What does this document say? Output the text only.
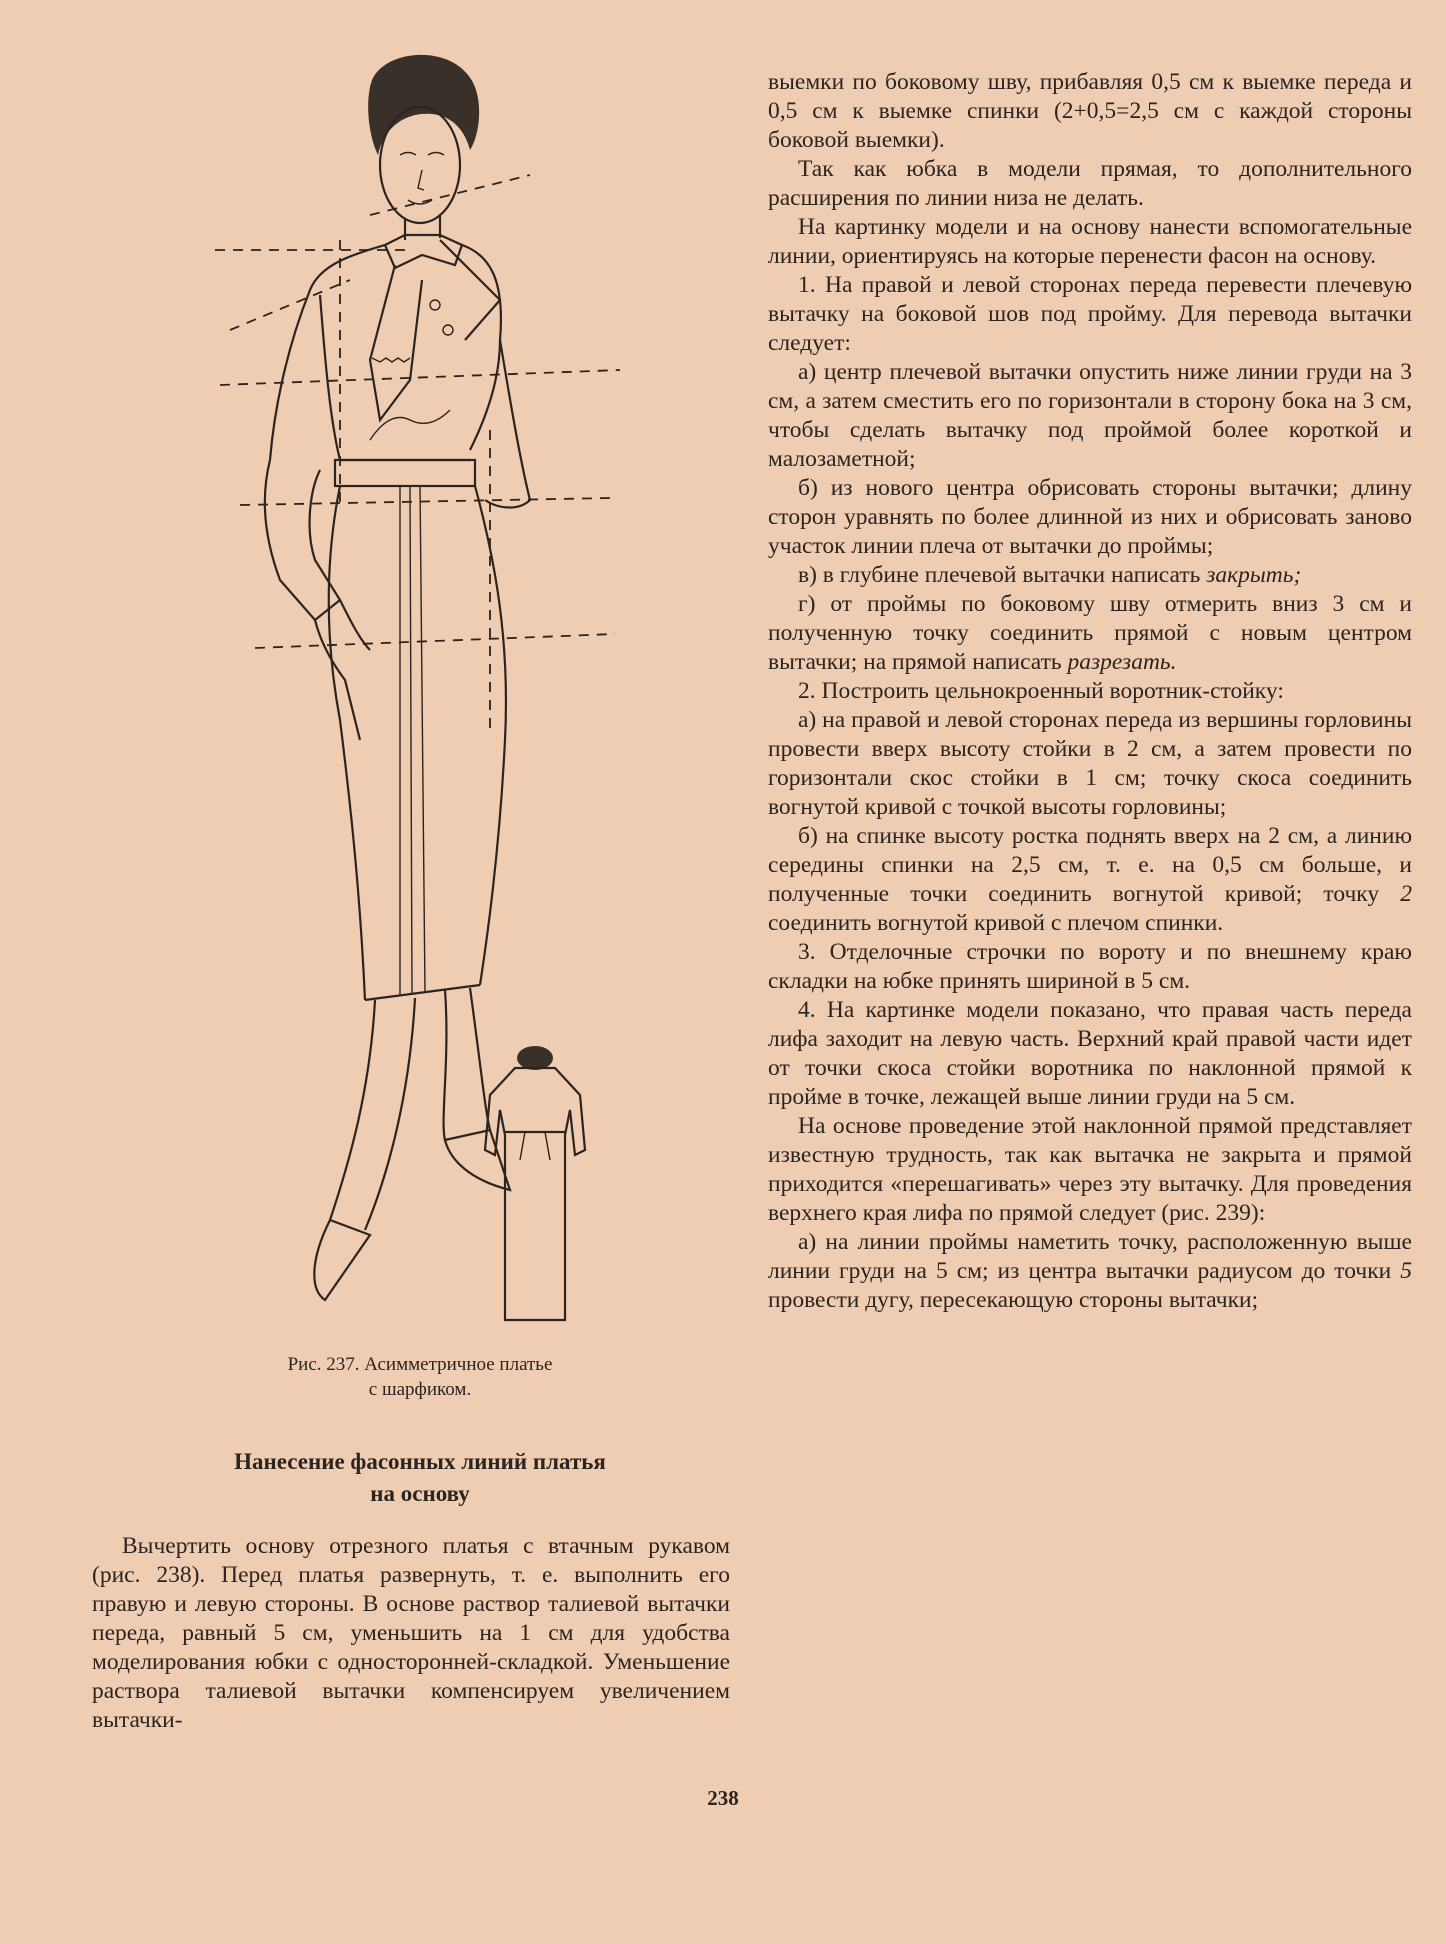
Рис. 237. Асимметричное платье
с шарфиком.
Нанесение фасонных линий платья
на основу

Вычертить основу отрезного платья с втачным рукавом (рис. 238). Перед платья развернуть, т. е. выполнить его правую и левую стороны. В основе раствор талиевой вытачки переда, равный 5 см, уменьшить на 1 см для удобства моделирования юбки с односторонней-складкой. Уменьшение раствора талиевой вытачки компенсируем увеличением вытачки-

выемки по боковому шву, прибавляя 0,5 см к выемке переда и 0,5 см к выемке спинки (2+0,5=2,5 см с каждой стороны боковой выемки).

Так как юбка в модели прямая, то дополнительного расширения по линии низа не делать.

На картинку модели и на основу нанести вспомогательные линии, ориентируясь на которые перенести фасон на основу.

1. На правой и левой сторонах переда перевести плечевую вытачку на боковой шов под пройму. Для перевода вытачки следует:

а) центр плечевой вытачки опустить ниже линии груди на 3 см, а затем сместить его по горизонтали в сторону бока на 3 см, чтобы сделать вытачку под проймой более короткой и малозаметной;

б) из нового центра обрисовать стороны вытачки; длину сторон уравнять по более длинной из них и обрисовать заново участок линии плеча от вытачки до проймы;

в) в глубине плечевой вытачки написать закрыть;

г) от проймы по боковому шву отмерить вниз 3 см и полученную точку соединить прямой с новым центром вытачки; на прямой написать разрезать.

2. Построить цельнокроенный воротник-стойку:

а) на правой и левой сторонах переда из вершины горловины провести вверх высоту стойки в 2 см, а затем провести по горизонтали скос стойки в 1 см; точку скоса соединить вогнутой кривой с точкой высоты горловины;

б) на спинке высоту ростка поднять вверх на 2 см, а линию середины спинки на 2,5 см, т. е. на 0,5 см больше, и полученные точки соединить вогнутой кривой; точку 2 соединить вогнутой кривой с плечом спинки.

3. Отделочные строчки по вороту и по внешнему краю складки на юбке принять шириной в 5 см.

4. На картинке модели показано, что правая часть переда лифа заходит на левую часть. Верхний край правой части идет от точки скоса стойки воротника по наклонной прямой к пройме в точке, лежащей выше линии груди на 5 см.

На основе проведение этой наклонной прямой представляет известную трудность, так как вытачка не закрыта и прямой приходится «перешагивать» через эту вытачку. Для проведения верхнего края лифа по прямой следует (рис. 239):

а) на линии проймы наметить точку, расположенную выше линии груди на 5 см; из центра вытачки радиусом до точки 5 провести дугу, пересекающую стороны вытачки;

238
